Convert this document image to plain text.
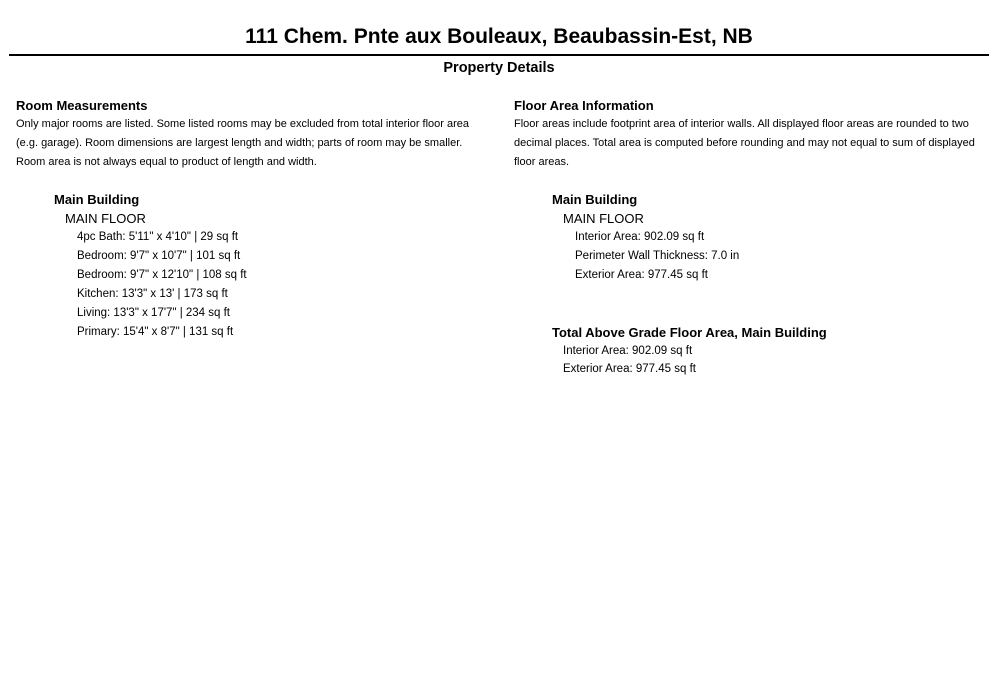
111 Chem. Pnte aux Bouleaux, Beaubassin-Est, NB
Property Details
Room Measurements
Only major rooms are listed. Some listed rooms may be excluded from total interior floor area
(e.g. garage). Room dimensions are largest length and width; parts of room may be smaller.
Room area is not always equal to product of length and width.
Main Building
MAIN FLOOR
4pc Bath: 5'11" x 4'10" | 29 sq ft
Bedroom: 9'7" x 10'7" | 101 sq ft
Bedroom: 9'7" x 12'10" | 108 sq ft
Kitchen: 13'3" x 13' | 173 sq ft
Living: 13'3" x 17'7" | 234 sq ft
Primary: 15'4" x 8'7" | 131 sq ft
Floor Area Information
Floor areas include footprint area of interior walls. All displayed floor areas are rounded to two
decimal places. Total area is computed before rounding and may not equal to sum of displayed
floor areas.
Main Building
MAIN FLOOR
Interior Area: 902.09 sq ft
Perimeter Wall Thickness: 7.0 in
Exterior Area: 977.45 sq ft
Total Above Grade Floor Area, Main Building
Interior Area: 902.09 sq ft
Exterior Area: 977.45 sq ft
